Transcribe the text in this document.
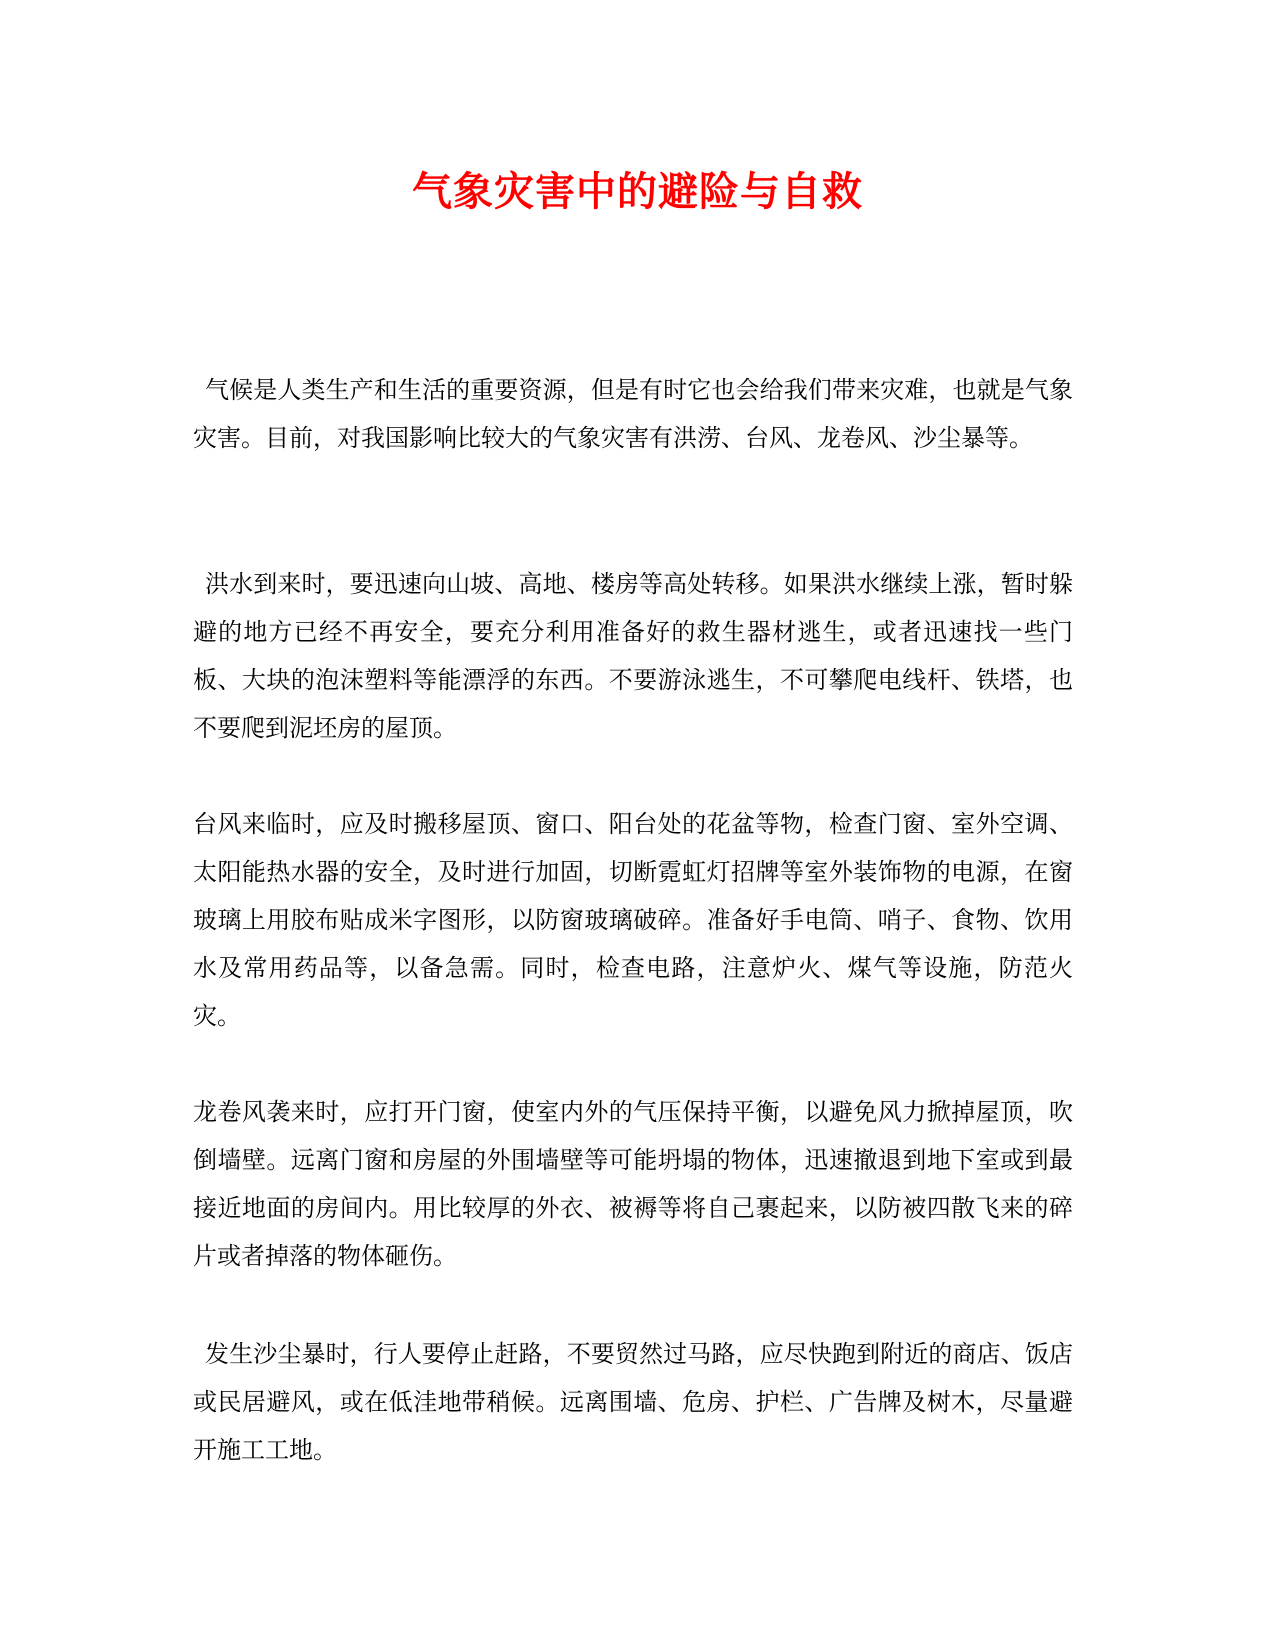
气象灾害中的避险与自救

气候是人类生产和生活的重要资源，但是有时它也会给我们带来灾难，也就是气象灾害。目前，对我国影响比较大的气象灾害有洪涝、台风、龙卷风、沙尘暴等。

洪水到来时，要迅速向山坡、高地、楼房等高处转移。如果洪水继续上涨，暂时躲避的地方已经不再安全，要充分利用准备好的救生器材逃生，或者迅速找一些门板、大块的泡沫塑料等能漂浮的东西。不要游泳逃生，不可攀爬电线杆、铁塔，也不要爬到泥坯房的屋顶。

台风来临时，应及时搬移屋顶、窗口、阳台处的花盆等物，检查门窗、室外空调、太阳能热水器的安全，及时进行加固，切断霓虹灯招牌等室外装饰物的电源，在窗玻璃上用胶布贴成米字图形，以防窗玻璃破碎。准备好手电筒、哨子、食物、饮用水及常用药品等，以备急需。同时，检查电路，注意炉火、煤气等设施，防范火灾。

龙卷风袭来时，应打开门窗，使室内外的气压保持平衡，以避免风力掀掉屋顶，吹倒墙壁。远离门窗和房屋的外围墙壁等可能坍塌的物体，迅速撤退到地下室或到最接近地面的房间内。用比较厚的外衣、被褥等将自己裹起来，以防被四散飞来的碎片或者掉落的物体砸伤。

发生沙尘暴时，行人要停止赶路，不要贸然过马路，应尽快跑到附近的商店、饭店或民居避风，或在低洼地带稍候。远离围墙、危房、护栏、广告牌及树木，尽量避开施工工地。
